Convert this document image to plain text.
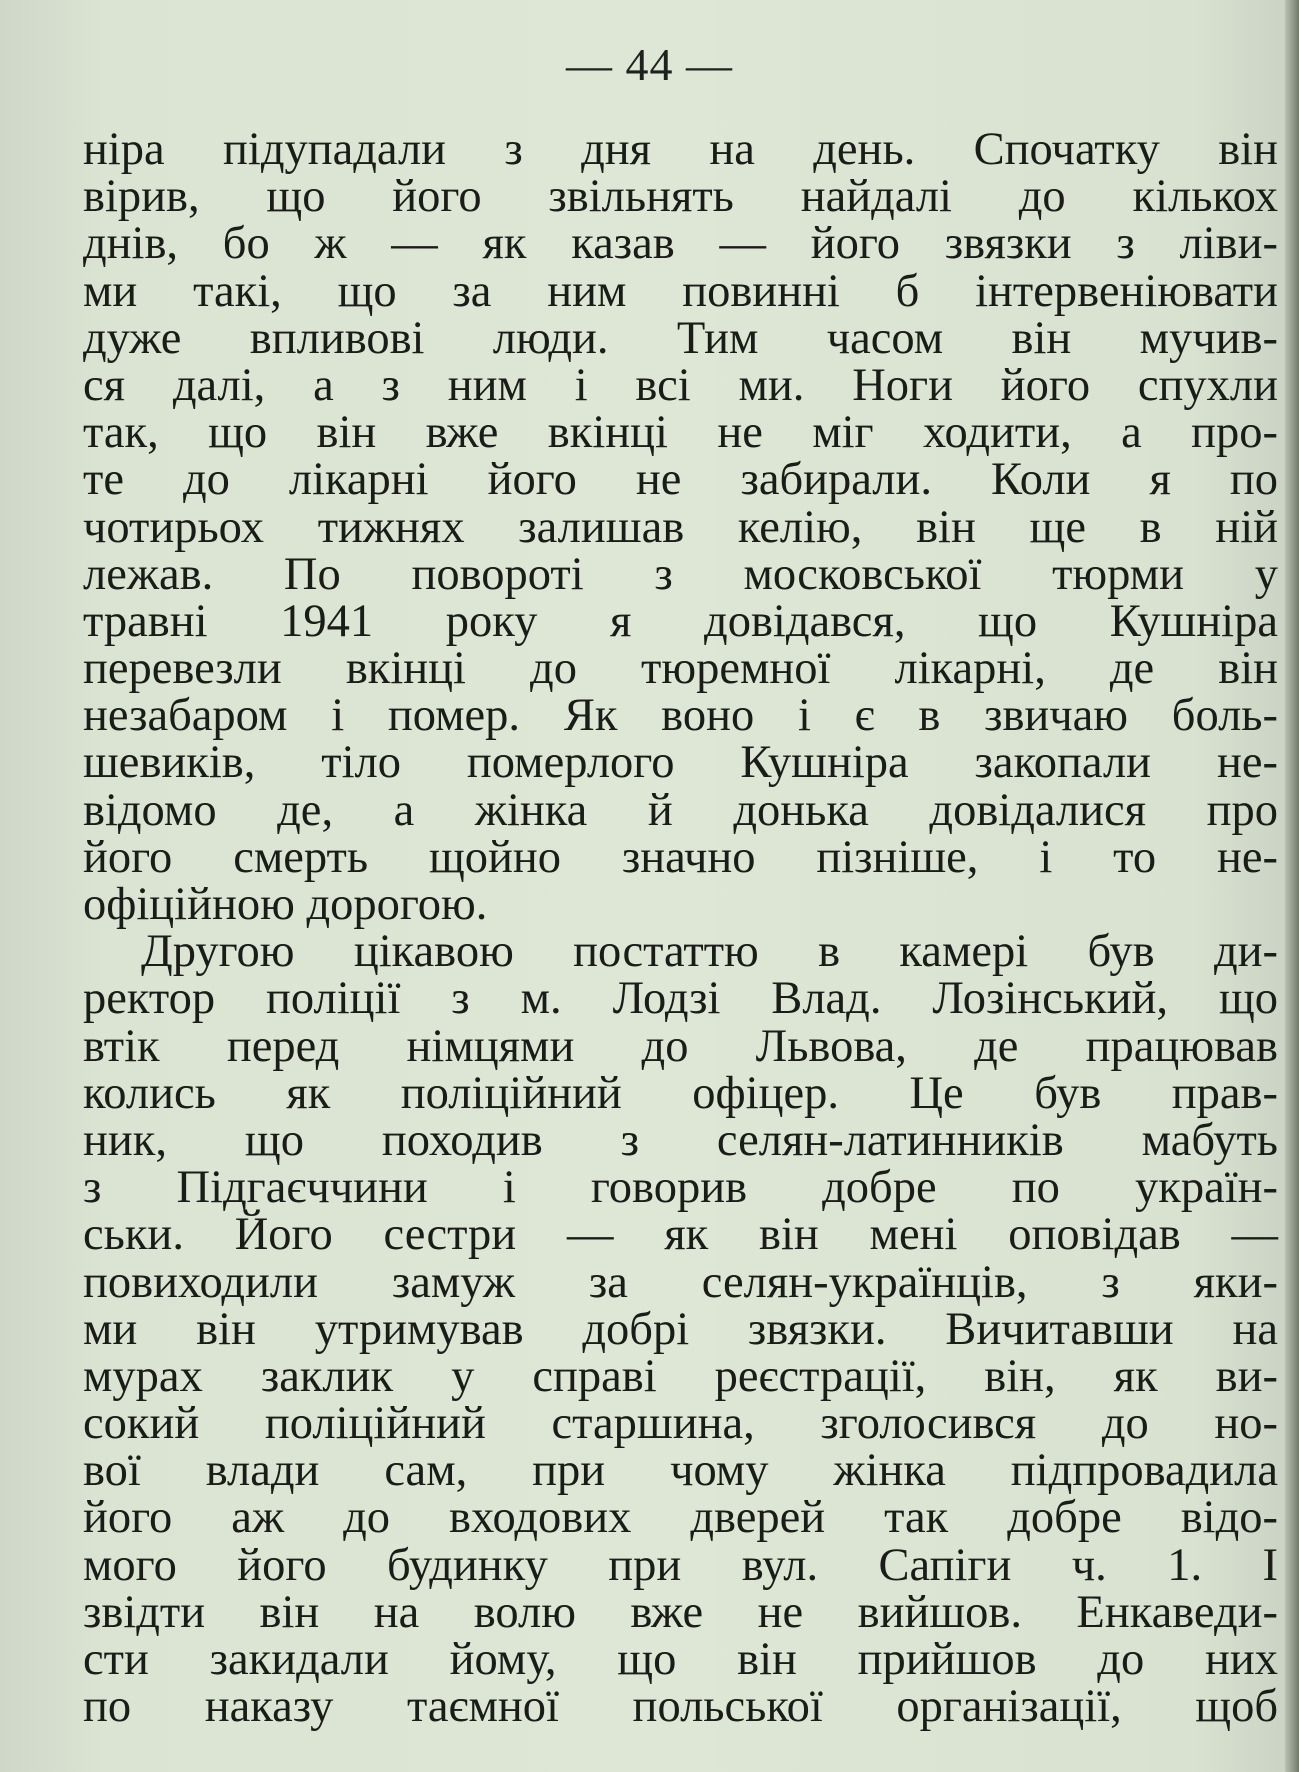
— 44 —
ніра підупадали з дня на день. Спочатку він
вірив, що його звільнять найдалі до кількох
днів, бо ж — як казав — його звязки з ліви-
ми такі, що за ним повинні б інтервеніювати
дуже впливові люди. Тим часом він мучив-
ся далі, а з ним і всі ми. Ноги його спухли
так, що він вже вкінці не міг ходити, а про-
те до лікарні його не забирали. Коли я по
чотирьох тижнях залишав келію, він ще в ній
лежав. По повороті з московської тюрми у
травні 1941 року я довідався, що Кушніра
перевезли вкінці до тюремної лікарні, де він
незабаром і помер. Як воно і є в звичаю боль-
шевиків, тіло померлого Кушніра закопали не-
відомо де, а жінка й донька довідалися про
його смерть щойно значно пізніше, і то не-
офіційною дорогою.
Другою цікавою постаттю в камері був ди-
ректор поліції з м. Лодзі Влад. Лозінський, що
втік перед німцями до Львова, де працював
колись як поліційний офіцер. Це був прав-
ник, що походив з селян-латинників мабуть
з Підгаєччини і говорив добре по україн-
ськи. Його сестри — як він мені оповідав —
повиходили замуж за селян-українців, з яки-
ми він утримував добрі звязки. Вичитавши на
мурах заклик у справі реєстрації, він, як ви-
сокий поліційний старшина, зголосився до но-
вої влади сам, при чому жінка підпровадила
його аж до входових дверей так добре відо-
мого його будинку при вул. Сапіги ч. 1. І
звідти він на волю вже не вийшов. Енкаведи-
сти закидали йому, що він прийшов до них
по наказу таємної польської організації, щоб
